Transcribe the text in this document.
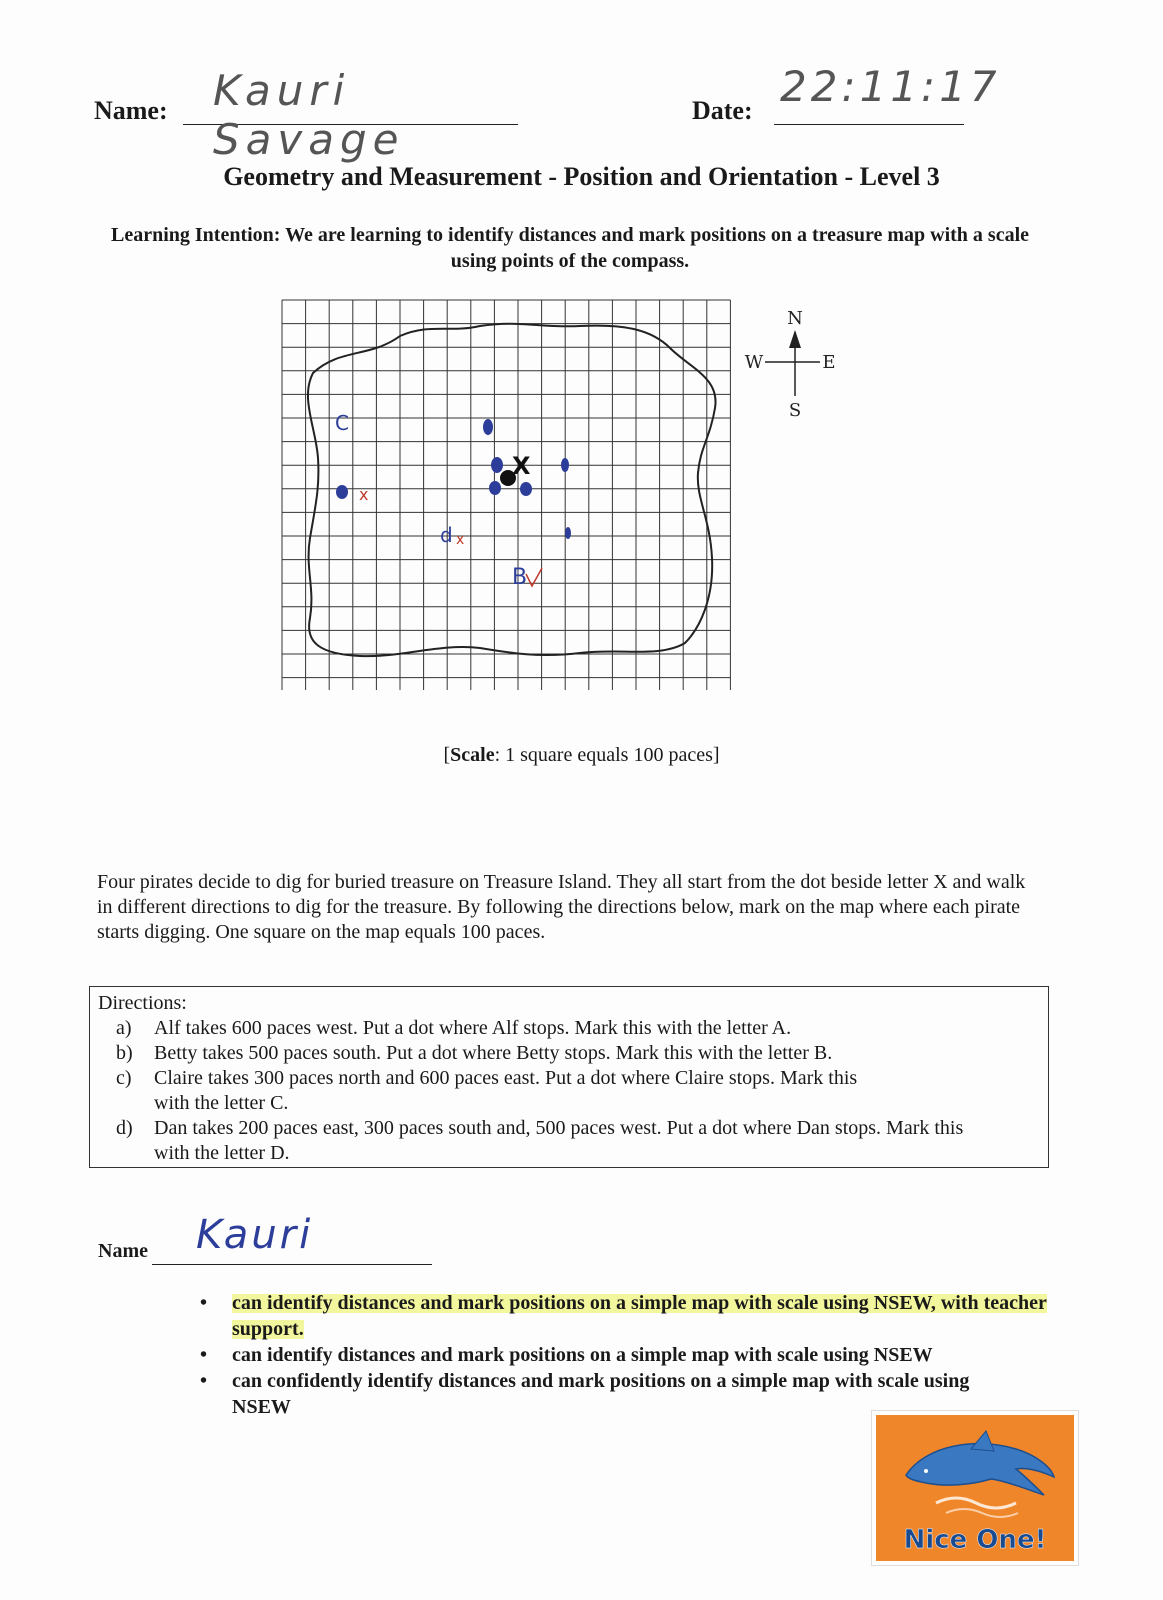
Name: Kauri Savage
Date: 22:11:17
Geometry and Measurement - Position and Orientation - Level 3
Learning Intention: We are learning to identify distances and mark positions on a treasure map with a scale using points of the compass.
C
x
X
d x
B
N
S
W	E
[Scale: 1 square equals 100 paces]
Four pirates decide to dig for buried treasure on Treasure Island. They all start from the dot beside letter X and walk in different directions to dig for the treasure. By following the directions below, mark on the map where each pirate starts digging. One square on the map equals 100 paces.
Directions:
a)	Alf takes 600 paces west. Put a dot where Alf stops. Mark this with the letter A.
b)	Betty takes 500 paces south. Put a dot where Betty stops. Mark this with the letter B.
c)	Claire takes 300 paces north and 600 paces east. Put a dot where Claire stops. Mark this with the letter C.
d)	Dan takes 200 paces east, 300 paces south and, 500 paces west. Put a dot where Dan stops. Mark this with the letter D.
Name Kauri
•	can identify distances and mark positions on a simple map with scale using NSEW, with teacher support.
•	can identify distances and mark positions on a simple map with scale using NSEW
•	can confidently identify distances and mark positions on a simple map with scale using NSEW
Nice One!
